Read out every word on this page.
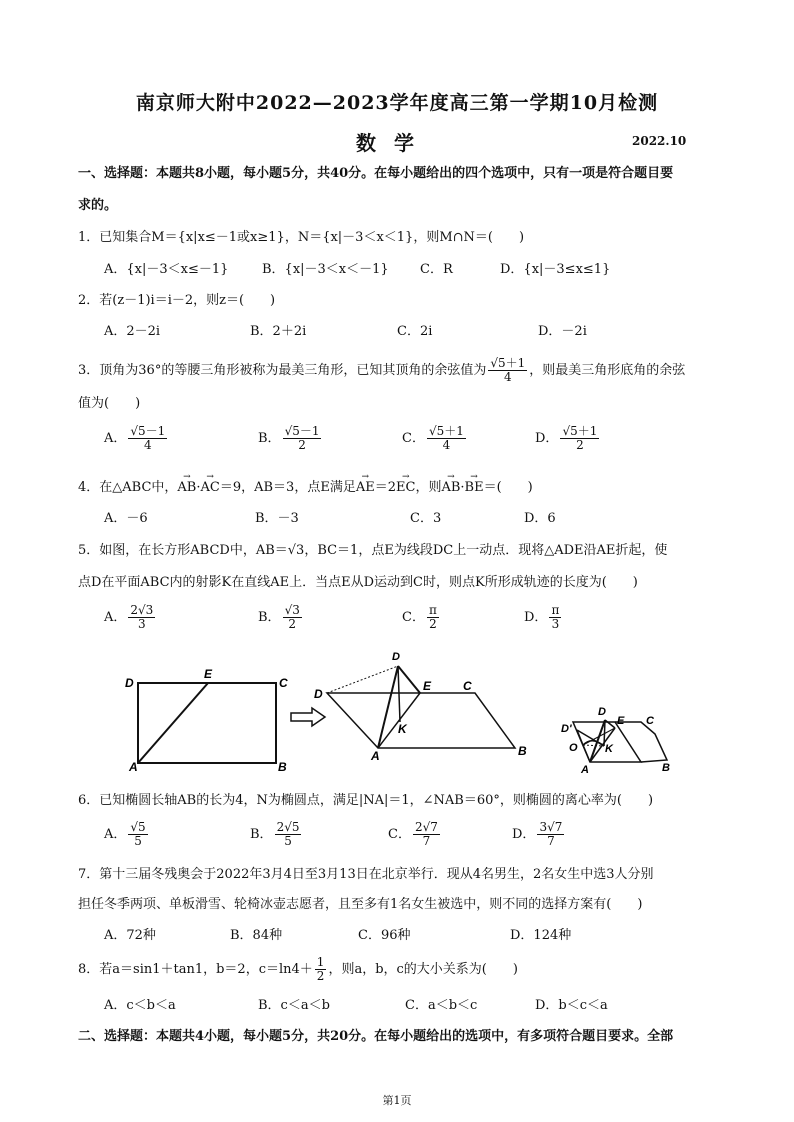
南京师大附中2022—2023学年度高三第一学期10月检测
数学	2022.10
一、选择题：本题共8小题，每小题5分，共40分。在每小题给出的四个选项中，只有一项是符合题目要
求的。
1．已知集合M＝{x|x≤－1或x≥1}，N＝{x|－3＜x＜1}，则M∩N＝(　　)
A．{x|－3＜x≤－1}	B．{x|－3＜x＜－1} C．R	D．{x|－3≤x≤1}
2．若(z－1)i＝i－2，则z＝(　　)
A．2－2i	B．2＋2i	C．2i	D．－2i
3．顶角为36°的等腰三角形被称为最美三角形，已知其顶角的余弦值为 $\frac{√5+1}{4}$ ，则最美三角形底角的余弦
值为(　　)
A． $\frac{√5-1}{4}$	B． $\frac{√5-1}{2}$	C． $\frac{√5+1}{4}$	D． $\frac{√5+1}{2}$
4．在△ABC中，→ AB·→ AC＝9，AB＝3，点E满足→ AE＝2→ EC，则→ AB·→ BE＝(　　)
A．－6	B．－3	C．3	D．6
5．如图，在长方形ABCD中，AB＝√3，BC＝1，点E为线段DC上一动点．现将△ADE沿AE折起，使
点D在平面ABC内的射影K在直线AE上．当点E从D运动到C时，则点K所形成轨迹的长度为(　　)
A． $\frac{2√3}{3}$	B． $\frac{√3}{2}$	C． $\frac{\pi}{2}$	D． $\frac{\pi}{3}$
D
E
C
A	B
D
D
E	C
K
A	B
D'
D
E C
O K
A	B
6．已知椭圆长轴AB的长为4，N为椭圆点，满足|NA|＝1，∠NAB＝60°，则椭圆的离心率为(　　)
A． $\frac{√5}{5}$	B． $\frac{2√5}{5}$	C． $\frac{2√7}{7}$	D． $\frac{3√7}{7}$
7．第十三届冬残奥会于2022年3月4日至3月13日在北京举行．现从4名男生，2名女生中选3人分别
担任冬季两项、单板滑雪、轮椅冰壶志愿者，且至多有1名女生被选中，则不同的选择方案有(　　)
A．72种	B．84种	C．96种	D．124种
8．若a＝sin1＋tan1，b＝2，$c=\ln 4+ \frac{1}{2}$ ，则a，b，c的大小关系为(　　)
A．c＜b＜a	B．c＜a＜b	C．a＜b＜c	D．b＜c＜a
二、选择题：本题共4小题，每小题5分，共20分。在每小题给出的选项中，有多项符合题目要求。全部
第1页
